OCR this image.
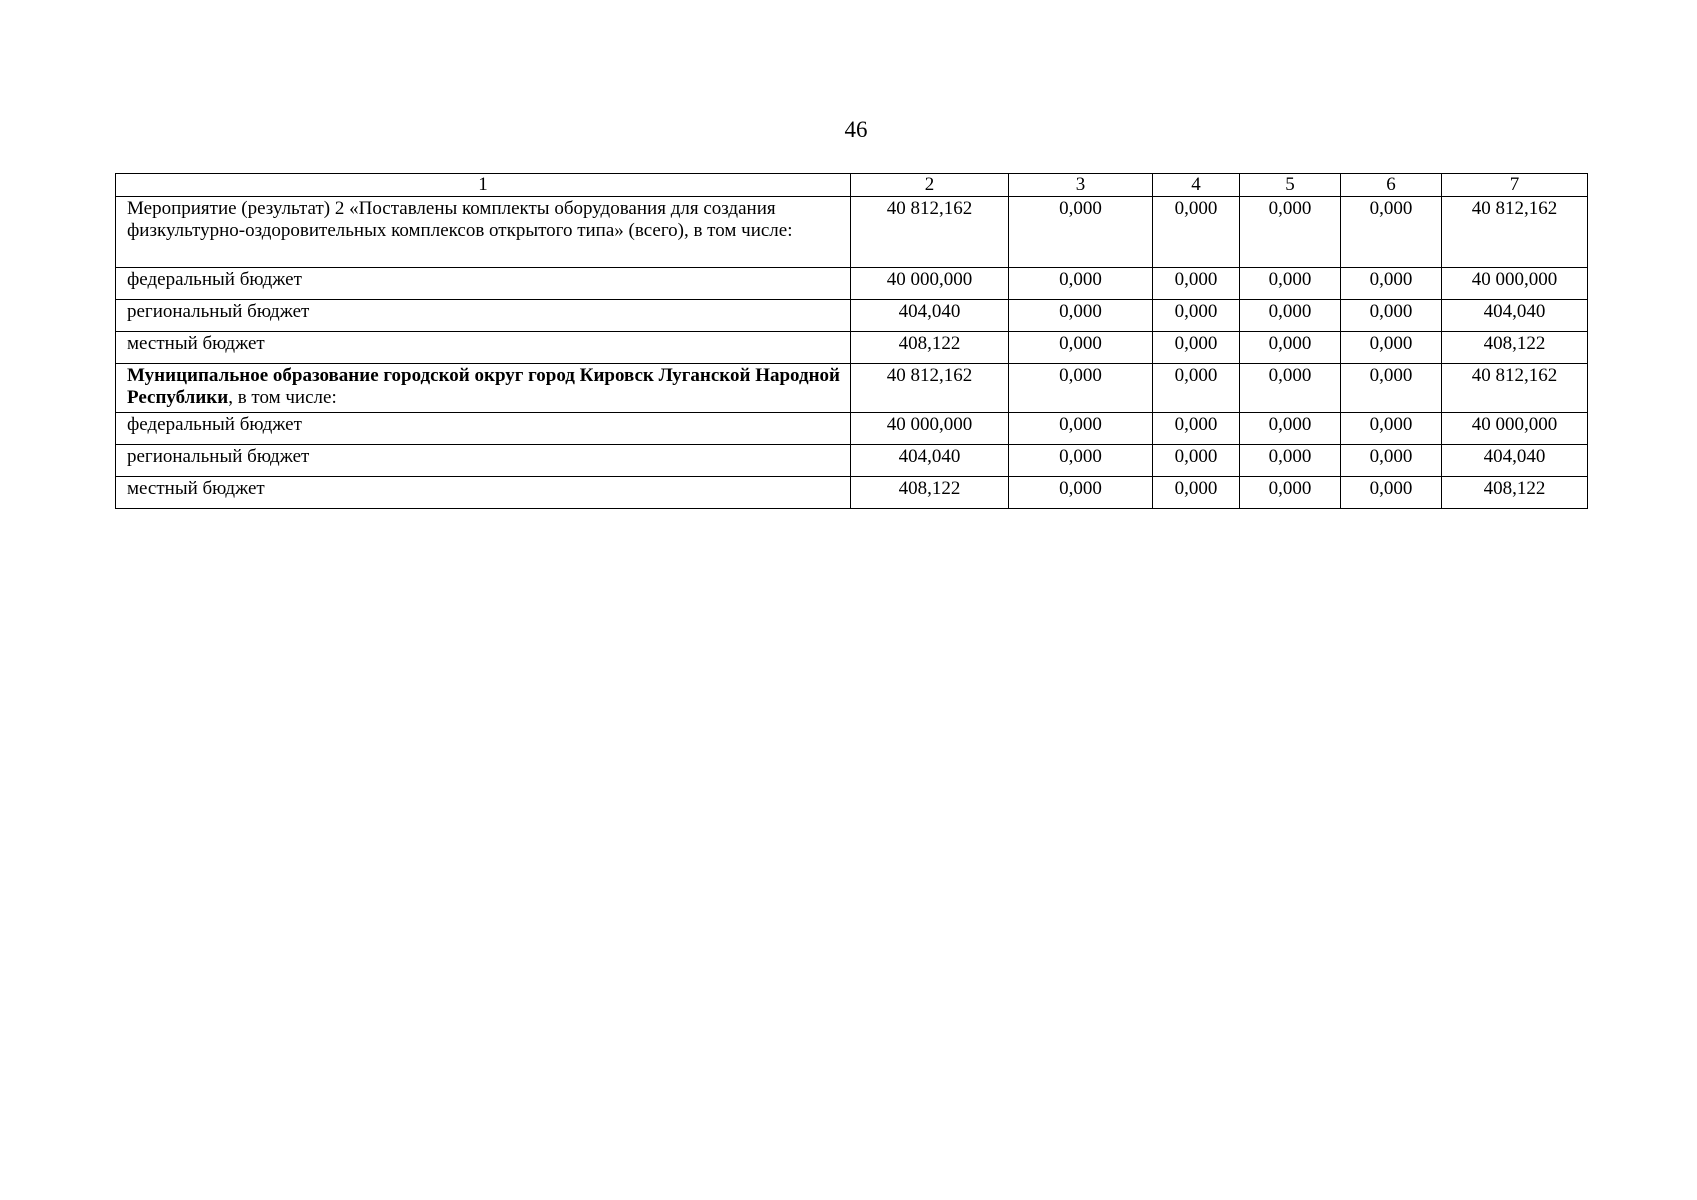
46
1	2	3	4	5	6	7
Мероприятие (результат) 2 «Поставлены комплекты оборудования для создания физкультурно-оздоровительных комплексов открытого типа» (всего), в том числе:	40 812,162	0,000	0,000	0,000	0,000	40 812,162
федеральный бюджет	40 000,000	0,000	0,000	0,000	0,000	40 000,000
региональный бюджет	404,040	0,000	0,000	0,000	0,000	404,040
местный бюджет	408,122	0,000	0,000	0,000	0,000	408,122
Муниципальное образование городской округ город Кировск Луганской Народной Республики, в том числе:	40 812,162	0,000	0,000	0,000	0,000	40 812,162
федеральный бюджет	40 000,000	0,000	0,000	0,000	0,000	40 000,000
региональный бюджет	404,040	0,000	0,000	0,000	0,000	404,040
местный бюджет	408,122	0,000	0,000	0,000	0,000	408,122
